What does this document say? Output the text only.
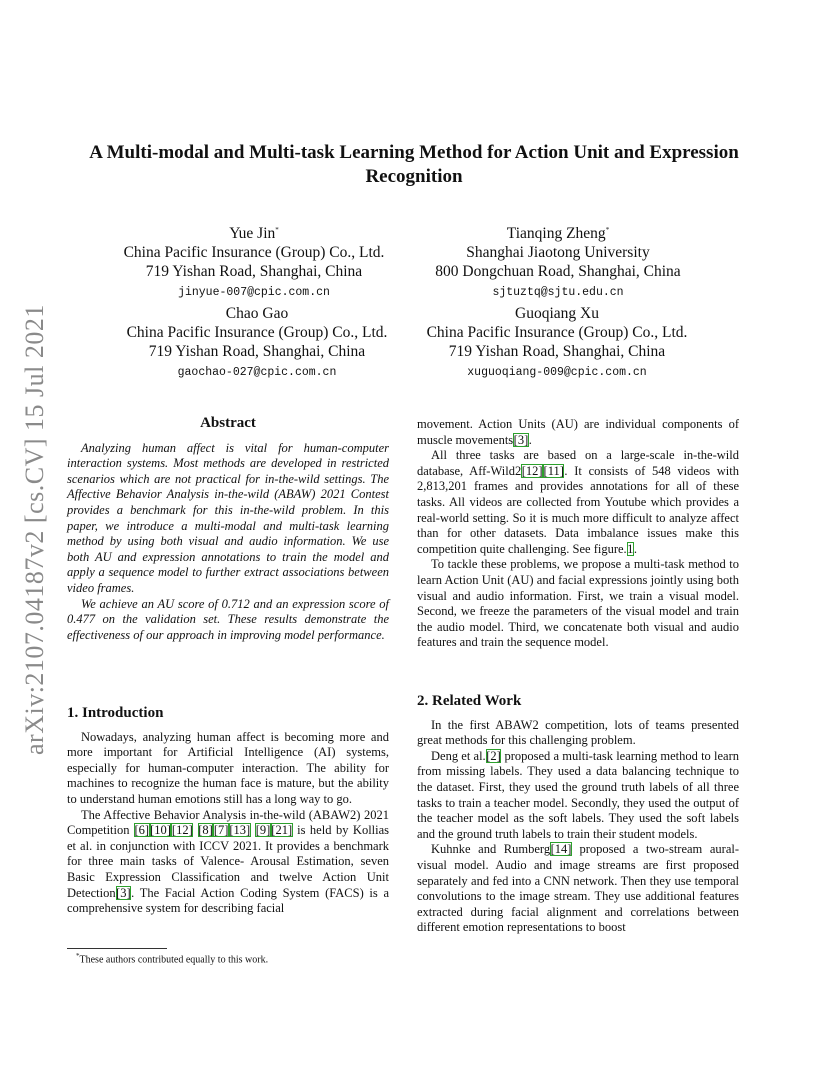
arXiv:2107.04187v2 [cs.CV] 15 Jul 2021
A Multi-modal and Multi-task Learning Method for Action Unit and Expression Recognition
Yue Jin*
China Pacific Insurance (Group) Co., Ltd.
719 Yishan Road, Shanghai, China
jinyue-007@cpic.com.cn
Tianqing Zheng*
Shanghai Jiaotong University
800 Dongchuan Road, Shanghai, China
sjtuztq@sjtu.edu.cn
Chao Gao
China Pacific Insurance (Group) Co., Ltd.
719 Yishan Road, Shanghai, China
gaochao-027@cpic.com.cn
Guoqiang Xu
China Pacific Insurance (Group) Co., Ltd.
719 Yishan Road, Shanghai, China
xuguoqiang-009@cpic.com.cn
Abstract

Analyzing human affect is vital for human-computer interaction systems. Most methods are developed in restricted scenarios which are not practical for in-the-wild settings. The Affective Behavior Analysis in-the-wild (ABAW) 2021 Contest provides a benchmark for this in-the-wild problem. In this paper, we introduce a multi-modal and multi-task learning method by using both visual and audio information. We use both AU and expression annotations to train the model and apply a sequence model to further extract associations between video frames.

We achieve an AU score of 0.712 and an expression score of 0.477 on the validation set. These results demonstrate the effectiveness of our approach in improving model performance.

1. Introduction

Nowadays, analyzing human affect is becoming more and more important for Artificial Intelligence (AI) systems, especially for human-computer interaction. The ability for machines to recognize the human face is mature, but the ability to understand human emotions still has a long way to go.

The Affective Behavior Analysis in-the-wild (ABAW2) 2021 Competition [6][10][12] [8][7][13] [9][21] is held by Kollias et al. in conjunction with ICCV 2021. It provides a benchmark for three main tasks of Valence- Arousal Estimation, seven Basic Expression Classification and twelve Action Unit Detection[3]. The Facial Action Coding System (FACS) is a comprehensive system for describing facial

*These authors contributed equally to this work.

movement. Action Units (AU) are individual components of muscle movements[3].

All three tasks are based on a large-scale in-the-wild database, Aff-Wild2[12][11]. It consists of 548 videos with 2,813,201 frames and provides annotations for all of these tasks. All videos are collected from Youtube which provides a real-world setting. So it is much more difficult to analyze affect than for other datasets. Data imbalance issues make this competition quite challenging. See figure.1.

To tackle these problems, we propose a multi-task method to learn Action Unit (AU) and facial expressions jointly using both visual and audio information. First, we train a visual model. Second, we freeze the parameters of the visual model and train the audio model. Third, we concatenate both visual and audio features and train the sequence model.

2. Related Work

In the first ABAW2 competition, lots of teams presented great methods for this challenging problem.

Deng et al.[2] proposed a multi-task learning method to learn from missing labels. They used a data balancing technique to the dataset. First, they used the ground truth labels of all three tasks to train a teacher model. Secondly, they used the output of the teacher model as the soft labels. They used the soft labels and the ground truth labels to train their student models.

Kuhnke and Rumberg[14] proposed a two-stream aural-visual model. Audio and image streams are first proposed separately and fed into a CNN network. Then they use temporal convolutions to the image stream. They use additional features extracted during facial alignment and correlations between different emotion representations to boost
